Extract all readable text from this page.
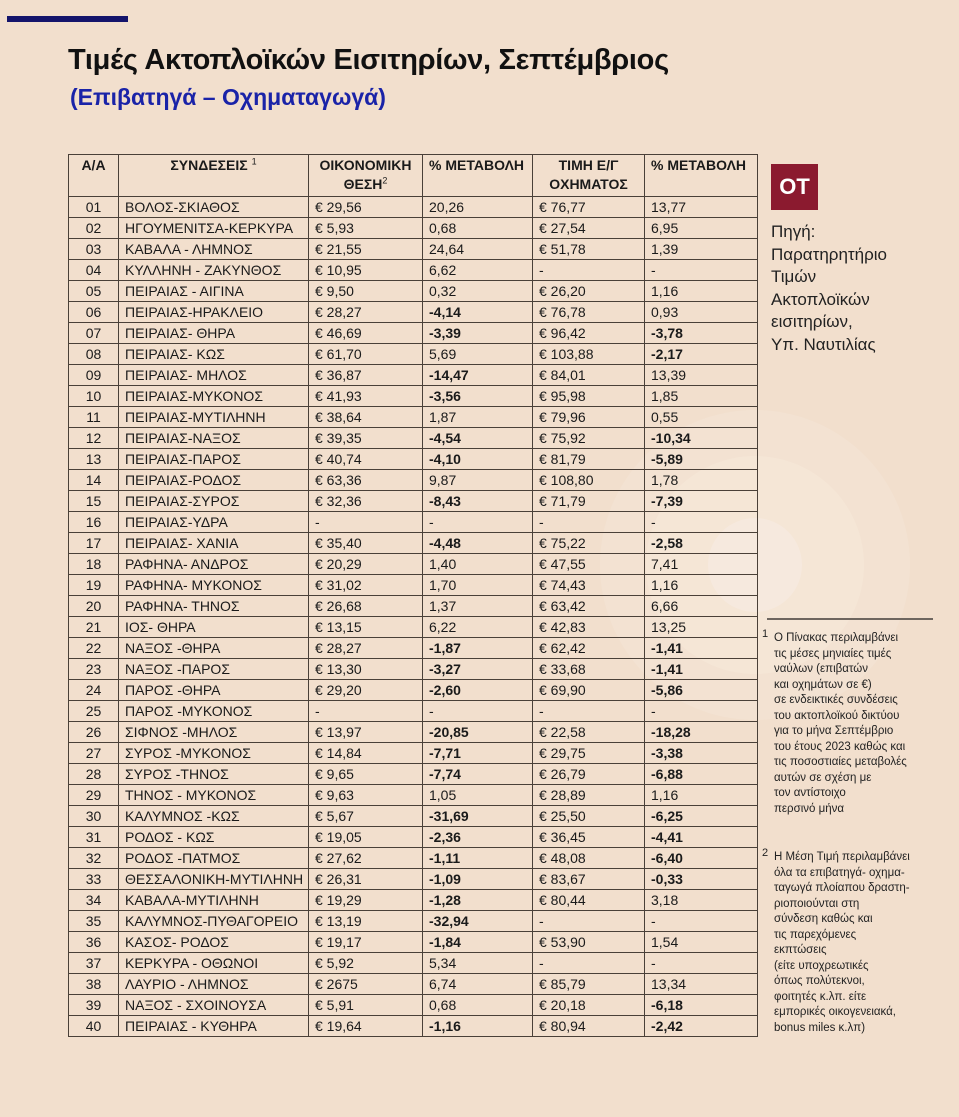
Τιμές Ακτοπλοϊκών Εισιτηρίων, Σεπτέμβριος
(Επιβατηγά – Οχηματαγωγά)
Α/Α	ΣΥΝΔΕΣΕΙΣ $^1$	ΟΙΚΟΝΟΜΙΚΗ ΘΕΣΗ$^2$	% ΜΕΤΑΒΟΛΗ	ΤΙΜΗ Ε/Γ ΟΧΗΜΑΤΟΣ	% ΜΕΤΑΒΟΛΗ
01	ΒΟΛΟΣ-ΣΚΙΑΘΟΣ	€ 29,56	20,26	€ 76,77	13,77
02	ΗΓΟΥΜΕΝΙΤΣΑ-ΚΕΡΚΥΡΑ	€ 5,93	0,68	€ 27,54	6,95
03	ΚΑΒΑΛΑ - ΛΗΜΝΟΣ	€ 21,55	24,64	€ 51,78	1,39
04	ΚΥΛΛΗΝΗ - ΖΑΚΥΝΘΟΣ	€ 10,95	6,62	-	-
05	ΠΕΙΡΑΙΑΣ - ΑΙΓΙΝΑ	€ 9,50	0,32	€ 26,20	1,16
06	ΠΕΙΡΑΙΑΣ-ΗΡΑΚΛΕΙΟ	€ 28,27	-4,14	€ 76,78	0,93
07	ΠΕΙΡΑΙΑΣ- ΘΗΡΑ	€ 46,69	-3,39	€ 96,42	-3,78
08	ΠΕΙΡΑΙΑΣ- ΚΩΣ	€ 61,70	5,69	€ 103,88	-2,17
09	ΠΕΙΡΑΙΑΣ- ΜΗΛΟΣ	€ 36,87	-14,47	€ 84,01	13,39
10	ΠΕΙΡΑΙΑΣ-ΜΥΚΟΝΟΣ	€ 41,93	-3,56	€ 95,98	1,85
11	ΠΕΙΡΑΙΑΣ-ΜΥΤΙΛΗΝΗ	€ 38,64	1,87	€ 79,96	0,55
12	ΠΕΙΡΑΙΑΣ-ΝΑΞΟΣ	€ 39,35	-4,54	€ 75,92	-10,34
13	ΠΕΙΡΑΙΑΣ-ΠΑΡΟΣ	€ 40,74	-4,10	€ 81,79	-5,89
14	ΠΕΙΡΑΙΑΣ-ΡΟΔΟΣ	€ 63,36	9,87	€ 108,80	1,78
15	ΠΕΙΡΑΙΑΣ-ΣΥΡΟΣ	€ 32,36	-8,43	€ 71,79	-7,39
16	ΠΕΙΡΑΙΑΣ-ΥΔΡΑ	-	-	-	-
17	ΠΕΙΡΑΙΑΣ- ΧΑΝΙΑ	€ 35,40	-4,48	€ 75,22	-2,58
18	ΡΑΦΗΝΑ- ΑΝΔΡΟΣ	€ 20,29	1,40	€ 47,55	7,41
19	ΡΑΦΗΝΑ- ΜΥΚΟΝΟΣ	€ 31,02	1,70	€ 74,43	1,16
20	ΡΑΦΗΝΑ- ΤΗΝΟΣ	€ 26,68	1,37	€ 63,42	6,66
21	ΙΟΣ- ΘΗΡΑ	€ 13,15	6,22	€ 42,83	13,25
22	ΝΑΞΟΣ -ΘΗΡΑ	€ 28,27	-1,87	€ 62,42	-1,41
23	ΝΑΞΟΣ -ΠΑΡΟΣ	€ 13,30	-3,27	€ 33,68	-1,41
24	ΠΑΡΟΣ -ΘΗΡΑ	€ 29,20	-2,60	€ 69,90	-5,86
25	ΠΑΡΟΣ -ΜΥΚΟΝΟΣ	-	-	-	-
26	ΣΙΦΝΟΣ -ΜΗΛΟΣ	€ 13,97	-20,85	€ 22,58	-18,28
27	ΣΥΡΟΣ -ΜΥΚΟΝΟΣ	€ 14,84	-7,71	€ 29,75	-3,38
28	ΣΥΡΟΣ -ΤΗΝΟΣ	€ 9,65	-7,74	€ 26,79	-6,88
29	ΤΗΝΟΣ - ΜΥΚΟΝΟΣ	€ 9,63	1,05	€ 28,89	1,16
30	ΚΑΛΥΜΝΟΣ -ΚΩΣ	€ 5,67	-31,69	€ 25,50	-6,25
31	ΡΟΔΟΣ - ΚΩΣ	€ 19,05	-2,36	€ 36,45	-4,41
32	ΡΟΔΟΣ -ΠΑΤΜΟΣ	€ 27,62	-1,11	€ 48,08	-6,40
33	ΘΕΣΣΑΛΟΝΙΚΗ-ΜΥΤΙΛΗΝΗ	€ 26,31	-1,09	€ 83,67	-0,33
34	ΚΑΒΑΛΑ-ΜΥΤΙΛΗΝΗ	€ 19,29	-1,28	€ 80,44	3,18
35	ΚΑΛΥΜΝΟΣ-ΠΥΘΑΓΟΡΕΙΟ	€ 13,19	-32,94	-	-
36	ΚΑΣΟΣ- ΡΟΔΟΣ	€ 19,17	-1,84	€ 53,90	1,54
37	ΚΕΡΚΥΡΑ - ΟΘΩΝΟΙ	€ 5,92	5,34	-	-
38	ΛΑΥΡΙΟ - ΛΗΜΝΟΣ	€ 2675	6,74	€ 85,79	13,34
39	ΝΑΞΟΣ - ΣΧΟΙΝΟΥΣΑ	€ 5,91	0,68	€ 20,18	-6,18
40	ΠΕΙΡΑΙΑΣ - ΚΥΘΗΡΑ	€ 19,64	-1,16	€ 80,94	-2,42
ΟΤ
Πηγή:
Παρατηρητήριο
Τιμών
Ακτοπλοϊκών
εισιτηρίων,
Υπ. Ναυτιλίας
1 Ο Πίνακας περιλαμβάνει
τις μέσες μηνιαίες τιμές
ναύλων (επιβατών
και οχημάτων σε €)
σε ενδεικτικές συνδέσεις
του ακτοπλοϊκού δικτύου
για το μήνα Σεπτέμβριο
του έτους 2023 καθώς και
τις ποσοστιαίες μεταβολές
αυτών σε σχέση με
τον αντίστοιχο
περσινό μήνα
2 Η Μέση Τιμή περιλαμβάνει
όλα τα επιβατηγά- οχημα-
ταγωγά πλοίαπου δραστη-
ριοποιούνται στη
σύνδεση καθώς και
τις παρεχόμενες
εκπτώσεις
(είτε υποχρεωτικές
όπως πολύτεκνοι,
φοιτητές κ.λπ. είτε
εμπορικές οικογενειακά,
bonus miles κ.λπ)
